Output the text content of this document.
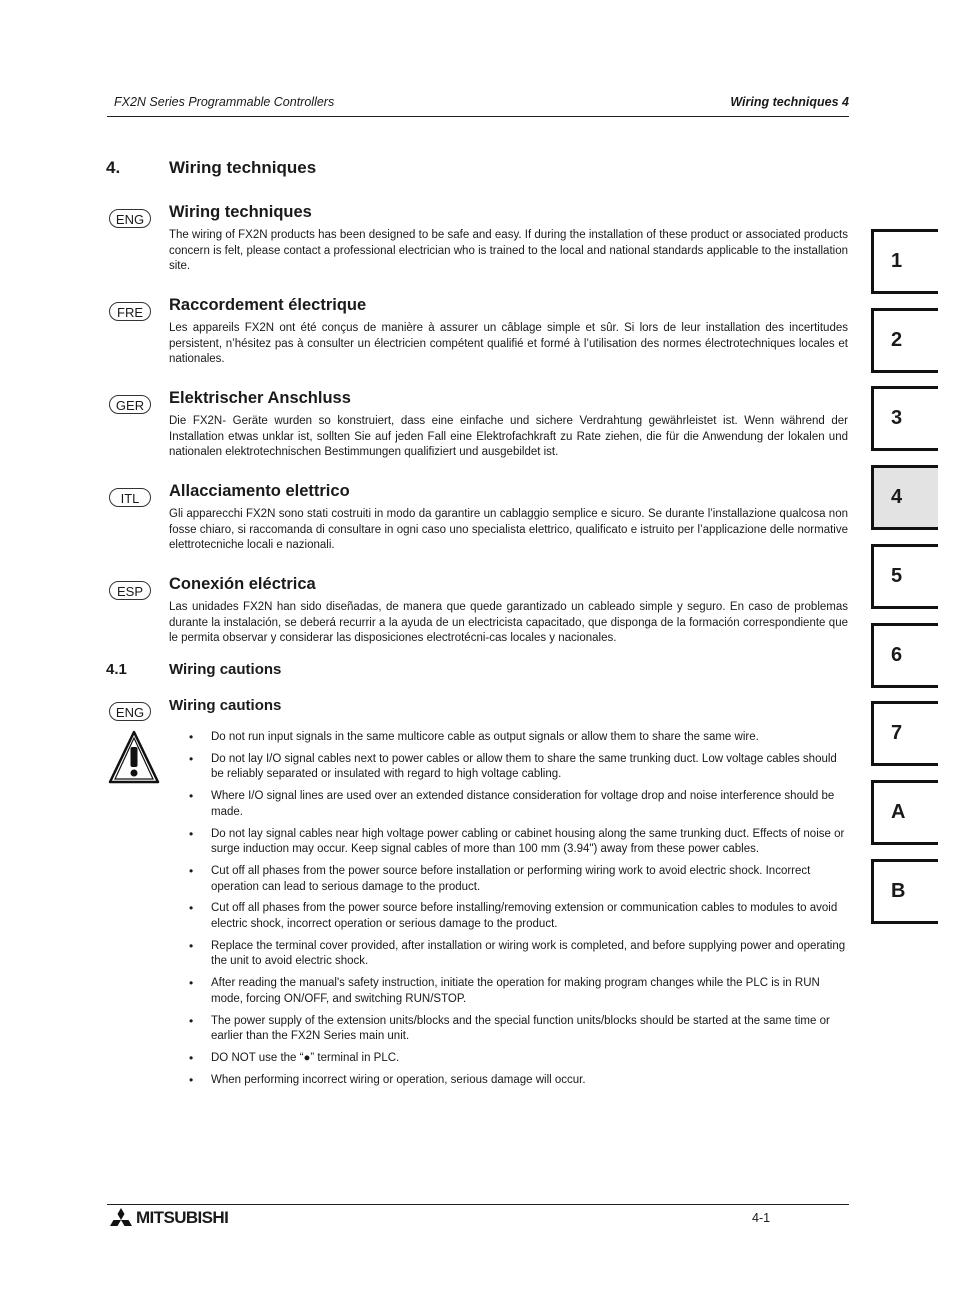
FX2N Series Programmable Controllers	Wiring techniques 4
4.	Wiring techniques
ENG	Wiring techniques
The wiring of FX2N products has been designed to be safe and easy. If during the installation of these product or associated products concern is felt, please contact a professional electrician who is trained to the local and national standards applicable to the installation site.
FRE	Raccordement électrique
Les appareils FX2N ont été conçus de manière à assurer un câblage simple et sûr. Si lors de leur installation des incertitudes persistent, n’hésitez pas à consulter un électricien compétent qualifié et formé à l’utilisation des normes électrotechniques locales et nationales.
GER	Elektrischer Anschluss
Die FX2N- Geräte wurden so konstruiert, dass eine einfache und sichere Verdrahtung gewährleistet ist. Wenn während der Installation etwas unklar ist, sollten Sie auf jeden Fall eine Elektrofachkraft zu Rate ziehen, die für die Anwendung der lokalen und nationalen elektrotechnischen Bestimmungen qualifiziert und ausgebildet ist.
ITL	Allacciamento elettrico
Gli apparecchi FX2N sono stati costruiti in modo da garantire un cablaggio semplice e sicuro. Se durante l’installazione qualcosa non fosse chiaro, si raccomanda di consultare in ogni caso uno specialista elettrico, qualificato e istruito per l’applicazione delle normative elettrotecniche locali e nazionali.
ESP	Conexión eléctrica
Las unidades FX2N han sido diseñadas, de manera que quede garantizado un cableado simple y seguro. En caso de problemas durante la instalación, se deberá recurrir a la ayuda de un electricista capacitado, que disponga de la formación correspondiente que le permita observar y considerar las disposiciones electrotécni-cas locales y nacionales.
4.1	Wiring cautions
ENG	Wiring cautions
• Do not run input signals in the same multicore cable as output signals or allow them to share the same wire.
• Do not lay I/O signal cables next to power cables or allow them to share the same trunking duct. Low voltage cables should be reliably separated or insulated with regard to high voltage cabling.
• Where I/O signal lines are used over an extended distance consideration for voltage drop and noise interference should be made.
• Do not lay signal cables near high voltage power cabling or cabinet housing along the same trunking duct. Effects of noise or surge induction may occur. Keep signal cables of more than 100 mm (3.94") away from these power cables.
• Cut off all phases from the power source before installation or performing wiring work to avoid electric shock. Incorrect operation can lead to serious damage to the product.
• Cut off all phases from the power source before installing/removing extension or communication cables to modules to avoid electric shock, incorrect operation or serious damage to the product.
• Replace the terminal cover provided, after installation or wiring work is completed, and before supplying power and operating the unit to avoid electric shock.
• After reading the manual's safety instruction, initiate the operation for making program changes while the PLC is in RUN mode, forcing ON/OFF, and switching RUN/STOP.
• The power supply of the extension units/blocks and the special function units/blocks should be started at the same time or earlier than the FX2N Series main unit.
• DO NOT use the “●” terminal in PLC.
• When performing incorrect wiring or operation, serious damage will occur.
1
2
3
4
5
6
7
A
B
MITSUBISHI	4-1
